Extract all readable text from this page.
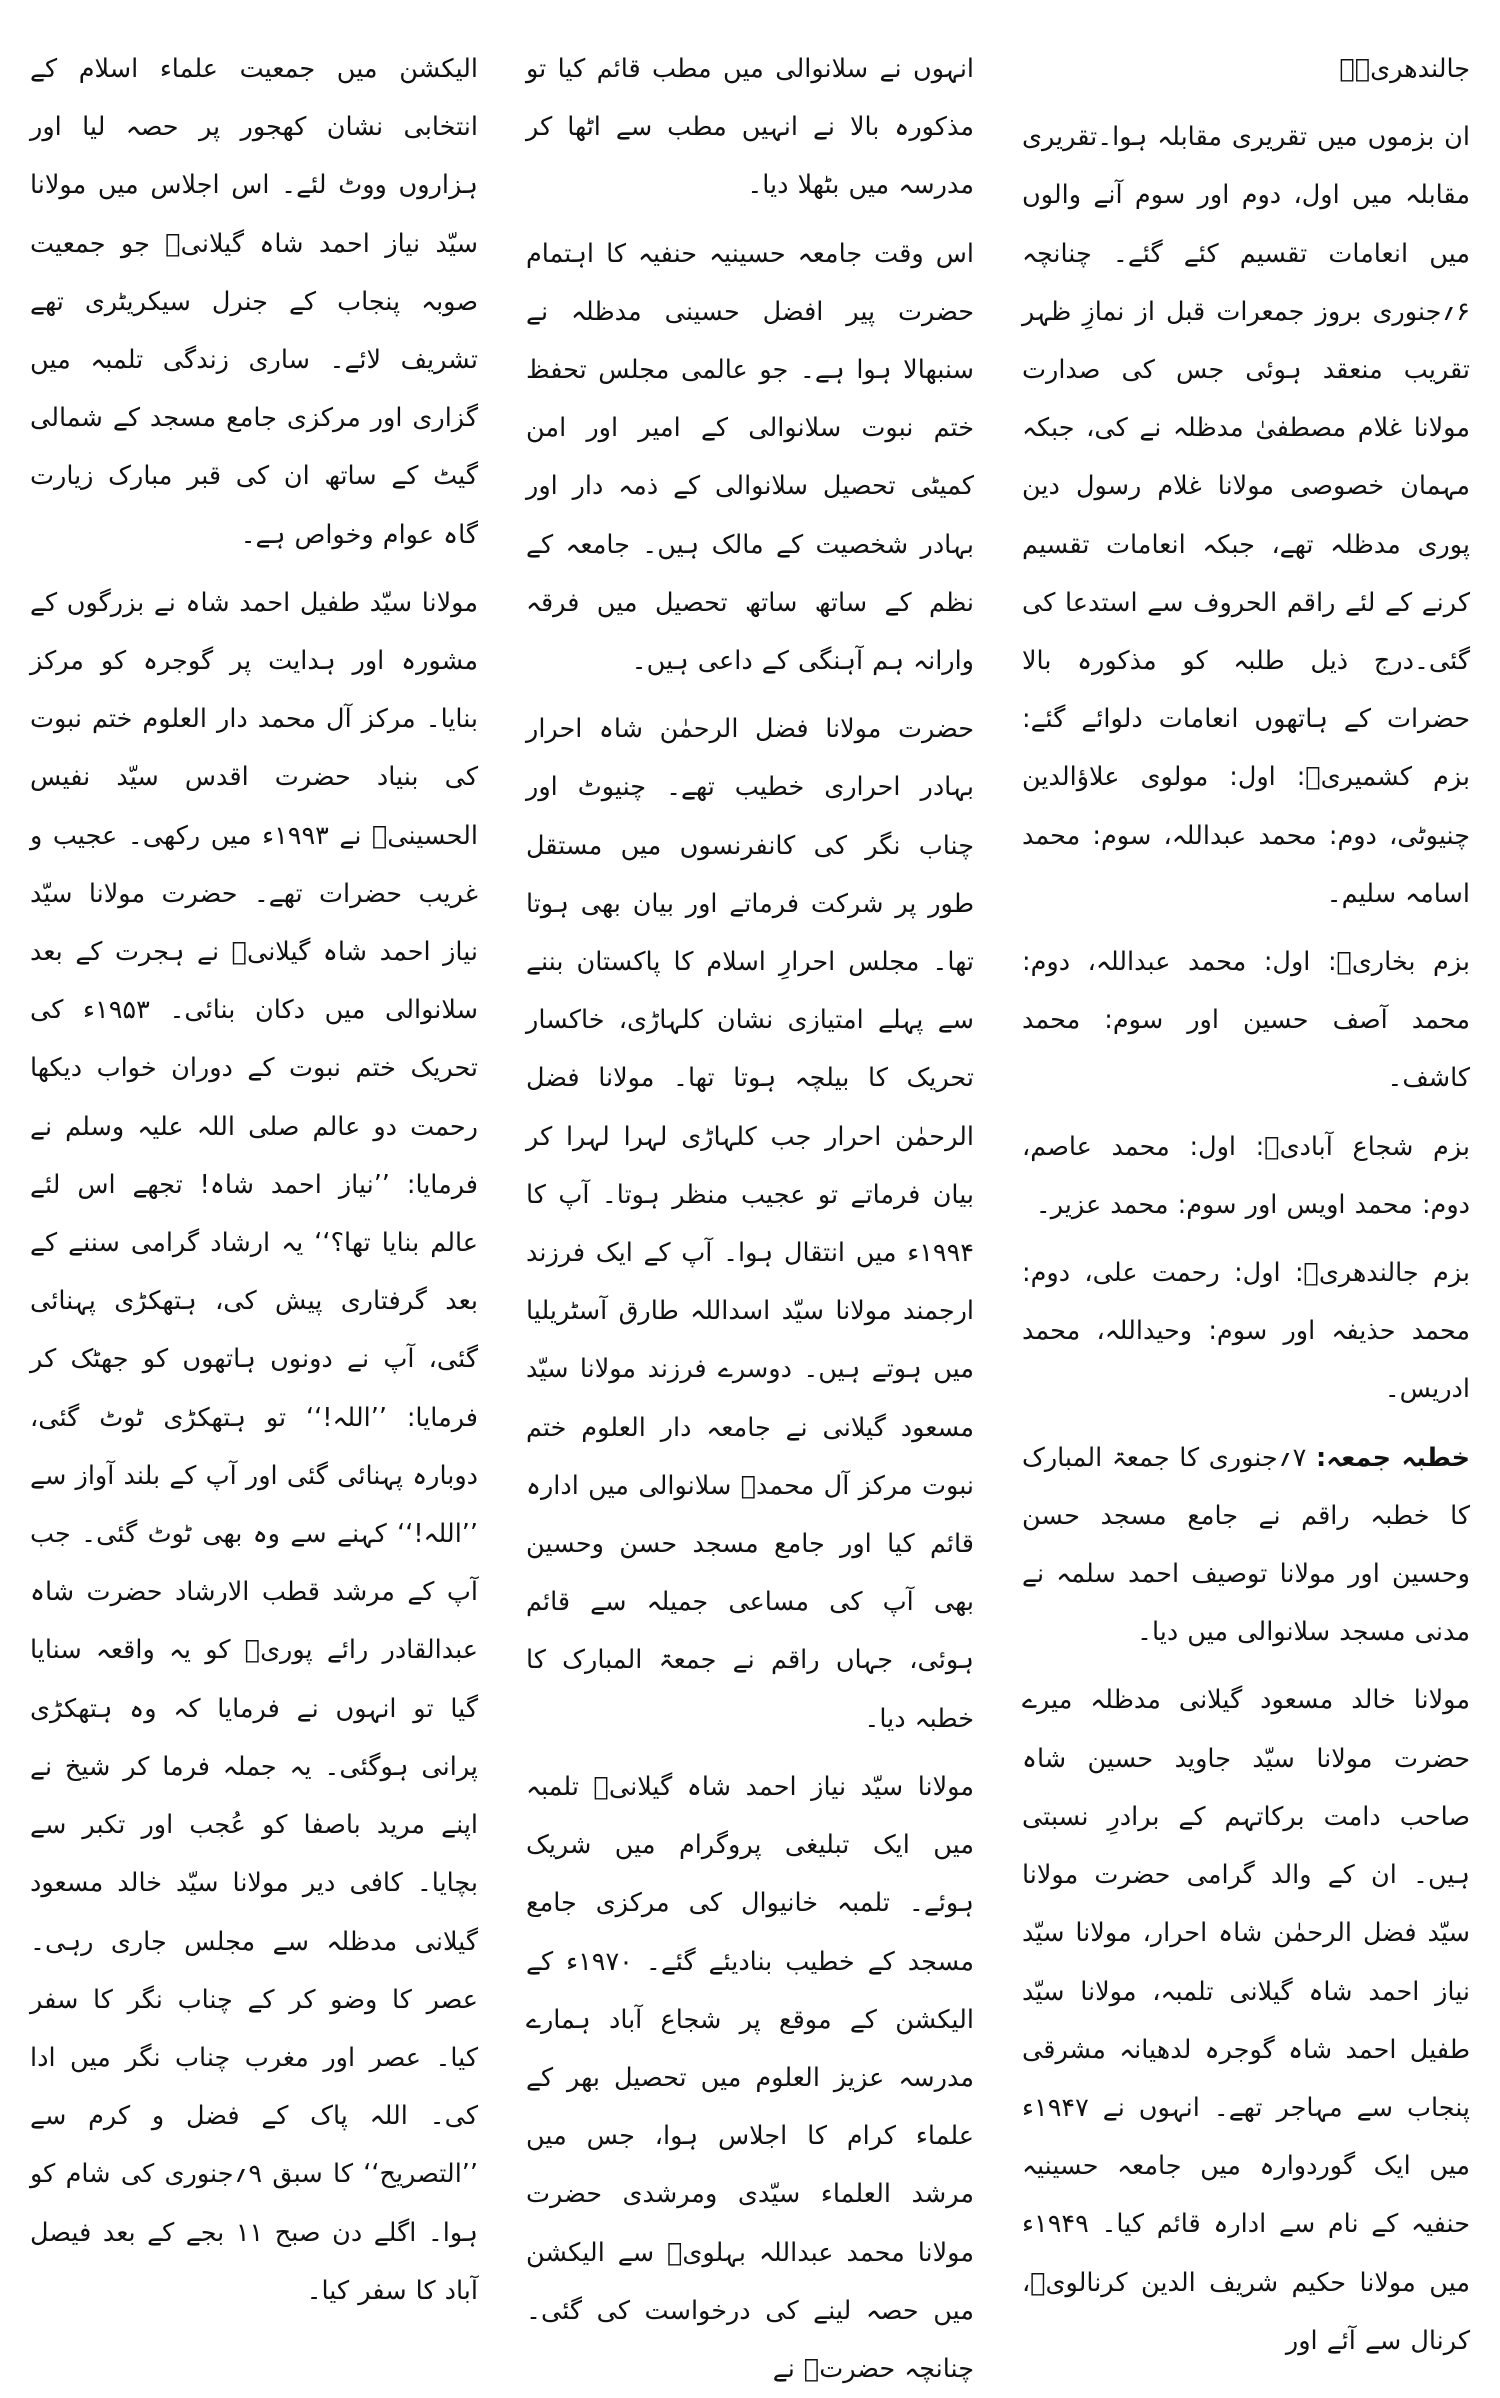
جالندھریؒ۔

ان بزموں میں تقریری مقابلہ ہوا۔تقریری مقابلہ میں اول، دوم اور سوم آنے والوں میں انعامات تقسیم کئے گئے۔ چنانچہ ۶؍جنوری بروز جمعرات قبل از نمازِ ظہر تقریب منعقد ہوئی جس کی صدارت مولانا غلام مصطفیٰ مدظلہ نے کی، جبکہ مہمان خصوصی مولانا غلام رسول دین پوری مدظلہ تھے، جبکہ انعامات تقسیم کرنے کے لئے راقم الحروف سے استدعا کی گئی۔درج ذیل طلبہ کو مذکورہ بالا حضرات کے ہاتھوں انعامات دلوائے گئے: بزم کشمیریؒ: اول: مولوی علاؤالدین چنیوٹی، دوم: محمد عبداللہ، سوم: محمد اسامہ سلیم۔

بزم بخاریؒ: اول: محمد عبداللہ، دوم: محمد آصف حسین اور سوم: محمد کاشف۔

بزم شجاع آبادیؒ: اول: محمد عاصم، دوم: محمد اویس اور سوم: محمد عزیر۔

بزم جالندھریؒ: اول: رحمت علی، دوم: محمد حذیفہ اور سوم: وحیداللہ، محمد ادریس۔

خطبہ جمعہ: ۷؍جنوری کا جمعۃ المبارک کا خطبہ راقم نے جامع مسجد حسن وحسین اور مولانا توصیف احمد سلمہ نے مدنی مسجد سلانوالی میں دیا۔

مولانا خالد مسعود گیلانی مدظلہ میرے حضرت مولانا سیّد جاوید حسین شاہ صاحب دامت برکاتہم کے برادرِ نسبتی ہیں۔ ان کے والد گرامی حضرت مولانا سیّد فضل الرحمٰن شاہ احرار، مولانا سیّد نیاز احمد شاہ گیلانی تلمبہ، مولانا سیّد طفیل احمد شاہ گوجرہ لدھیانہ مشرقی پنجاب سے مہاجر تھے۔ انہوں نے ۱۹۴۷ء میں ایک گوردوارہ میں جامعہ حسینیہ حنفیہ کے نام سے ادارہ قائم کیا۔ ۱۹۴۹ء میں مولانا حکیم شریف الدین کرنالویؒ، کرنال سے آئے اور

انہوں نے سلانوالی میں مطب قائم کیا تو مذکورہ بالا نے انہیں مطب سے اٹھا کر مدرسہ میں بٹھلا دیا۔

اس وقت جامعہ حسینیہ حنفیہ کا اہتمام حضرت پیر افضل حسینی مدظلہ نے سنبھالا ہوا ہے۔ جو عالمی مجلس تحفظ ختم نبوت سلانوالی کے امیر اور امن کمیٹی تحصیل سلانوالی کے ذمہ دار اور بہادر شخصیت کے مالک ہیں۔ جامعہ کے نظم کے ساتھ ساتھ تحصیل میں فرقہ وارانہ ہم آہنگی کے داعی ہیں۔

حضرت مولانا فضل الرحمٰن شاہ احرار بہادر احراری خطیب تھے۔ چنیوٹ اور چناب نگر کی کانفرنسوں میں مستقل طور پر شرکت فرماتے اور بیان بھی ہوتا تھا۔ مجلس احرارِ اسلام کا پاکستان بننے سے پہلے امتیازی نشان کلہاڑی، خاکسار تحریک کا بیلچہ ہوتا تھا۔ مولانا فضل الرحمٰن احرار جب کلہاڑی لہرا لہرا کر بیان فرماتے تو عجیب منظر ہوتا۔ آپ کا ۱۹۹۴ء میں انتقال ہوا۔ آپ کے ایک فرزند ارجمند مولانا سیّد اسداللہ طارق آسٹریلیا میں ہوتے ہیں۔ دوسرے فرزند مولانا سیّد مسعود گیلانی نے جامعہ دار العلوم ختم نبوت مرکز آل محمدؐ سلانوالی میں ادارہ قائم کیا اور جامع مسجد حسن وحسین بھی آپ کی مساعی جمیلہ سے قائم ہوئی، جہاں راقم نے جمعۃ المبارک کا خطبہ دیا۔

مولانا سیّد نیاز احمد شاہ گیلانیؒ تلمبہ میں ایک تبلیغی پروگرام میں شریک ہوئے۔ تلمبہ خانیوال کی مرکزی جامع مسجد کے خطیب بنادیئے گئے۔ ۱۹۷۰ء کے الیکشن کے موقع پر شجاع آباد ہمارے مدرسہ عزیز العلوم میں تحصیل بھر کے علماء کرام کا اجلاس ہوا، جس میں مرشد العلماء سیّدی ومرشدی حضرت مولانا محمد عبداللہ بہلویؒ سے الیکشن میں حصہ لینے کی درخواست کی گئی۔ چنانچہ حضرتؒ نے

الیکشن میں جمعیت علماء اسلام کے انتخابی نشان کھجور پر حصہ لیا اور ہزاروں ووٹ لئے۔ اس اجلاس میں مولانا سیّد نیاز احمد شاہ گیلانیؒ جو جمعیت صوبہ پنجاب کے جنرل سیکریٹری تھے تشریف لائے۔ ساری زندگی تلمبہ میں گزاری اور مرکزی جامع مسجد کے شمالی گیٹ کے ساتھ ان کی قبر مبارک زیارت گاہ عوام وخواص ہے۔

مولانا سیّد طفیل احمد شاہ نے بزرگوں کے مشورہ اور ہدایت پر گوجرہ کو مرکز بنایا۔ مرکز آل محمد دار العلوم ختم نبوت کی بنیاد حضرت اقدس سیّد نفیس الحسینیؒ نے ۱۹۹۳ء میں رکھی۔ عجیب و غریب حضرات تھے۔ حضرت مولانا سیّد نیاز احمد شاہ گیلانیؒ نے ہجرت کے بعد سلانوالی میں دکان بنائی۔ ۱۹۵۳ء کی تحریک ختم نبوت کے دوران خواب دیکھا رحمت دو عالم صلی اللہ علیہ وسلم نے فرمایا: ’’نیاز احمد شاہ! تجھے اس لئے عالم بنایا تھا؟‘‘ یہ ارشاد گرامی سننے کے بعد گرفتاری پیش کی، ہتھکڑی پہنائی گئی، آپ نے دونوں ہاتھوں کو جھٹک کر فرمایا: ’’اللہ!‘‘ تو ہتھکڑی ٹوٹ گئی، دوبارہ پہنائی گئی اور آپ کے بلند آواز سے ’’اللہ!‘‘ کہنے سے وہ بھی ٹوٹ گئی۔ جب آپ کے مرشد قطب الارشاد حضرت شاہ عبدالقادر رائے پوریؒ کو یہ واقعہ سنایا گیا تو انہوں نے فرمایا کہ وہ ہتھکڑی پرانی ہوگئی۔ یہ جملہ فرما کر شیخ نے اپنے مرید باصفا کو عُجب اور تکبر سے بچایا۔ کافی دیر مولانا سیّد خالد مسعود گیلانی مدظلہ سے مجلس جاری رہی۔ عصر کا وضو کر کے چناب نگر کا سفر کیا۔ عصر اور مغرب چناب نگر میں ادا کی۔ اللہ پاک کے فضل و کرم سے ’’التصریح‘‘ کا سبق ۹؍جنوری کی شام کو ہوا۔ اگلے دن صبح ۱۱ بجے کے بعد فیصل آباد کا سفر کیا۔
